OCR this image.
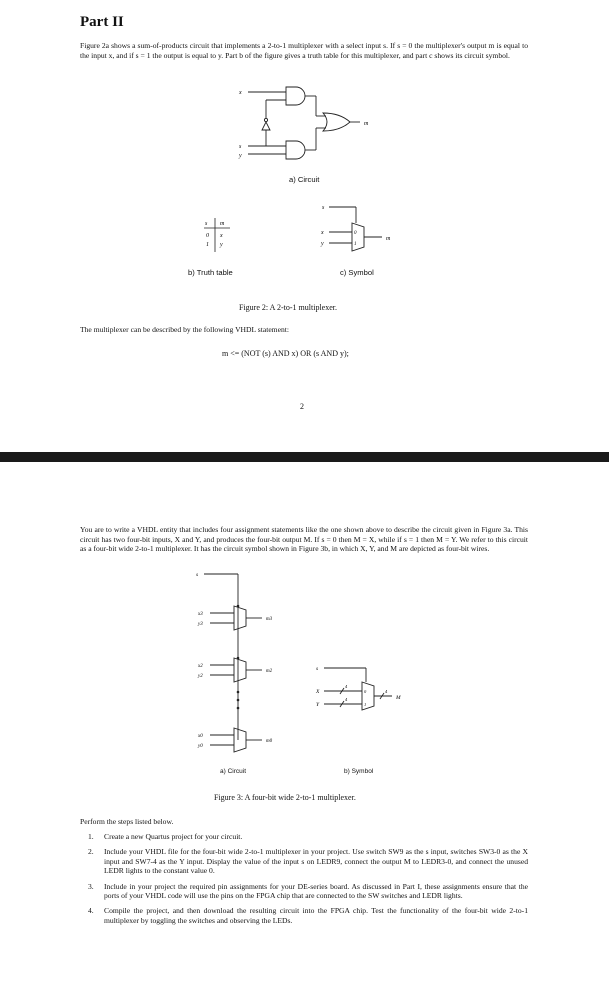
Part II
Figure 2a shows a sum-of-products circuit that implements a 2-to-1 multiplexer with a select input s. If s = 0 the multiplexer's output m is equal to the input x, and if s = 1 the output is equal to y. Part b of the figure gives a truth table for this multiplexer, and part c shows its circuit symbol.
x
s
y
m
a) Circuit
s m
0 x
1 y
b) Truth table
s
x
y
0
1
m
c) Symbol
Figure 2: A 2-to-1 multiplexer.
The multiplexer can be described by the following VHDL statement:
m <= (NOT (s) AND x) OR (s AND y);
2
You are to write a VHDL entity that includes four assignment statements like the one shown above to describe the circuit given in Figure 3a. This circuit has two four-bit inputs, X and Y, and produces the four-bit output M. If s = 0 then M = X, while if s = 1 then M = Y. We refer to this circuit as a four-bit wide 2-to-1 multiplexer. It has the circuit symbol shown in Figure 3b, in which X, Y, and M are depicted as four-bit wires.
s
x3
y3
m3
x2
y2
m2
x0
y0
m0
a) Circuit
s
X
Y
4
4
4
0
1
M
b) Symbol
Figure 3: A four-bit wide 2-to-1 multiplexer.
Perform the steps listed below.
1. Create a new Quartus project for your circuit.
2. Include your VHDL file for the four-bit wide 2-to-1 multiplexer in your project. Use switch SW9 as the s input, switches SW3-0 as the X input and SW7-4 as the Y input. Display the value of the input s on LEDR9, connect the output M to LEDR3-0, and connect the unused LEDR lights to the constant value 0.
3. Include in your project the required pin assignments for your DE-series board. As discussed in Part I, these assignments ensure that the ports of your VHDL code will use the pins on the FPGA chip that are connected to the SW switches and LEDR lights.
4. Compile the project, and then download the resulting circuit into the FPGA chip. Test the functionality of the four-bit wide 2-to-1 multiplexer by toggling the switches and observing the LEDs.
